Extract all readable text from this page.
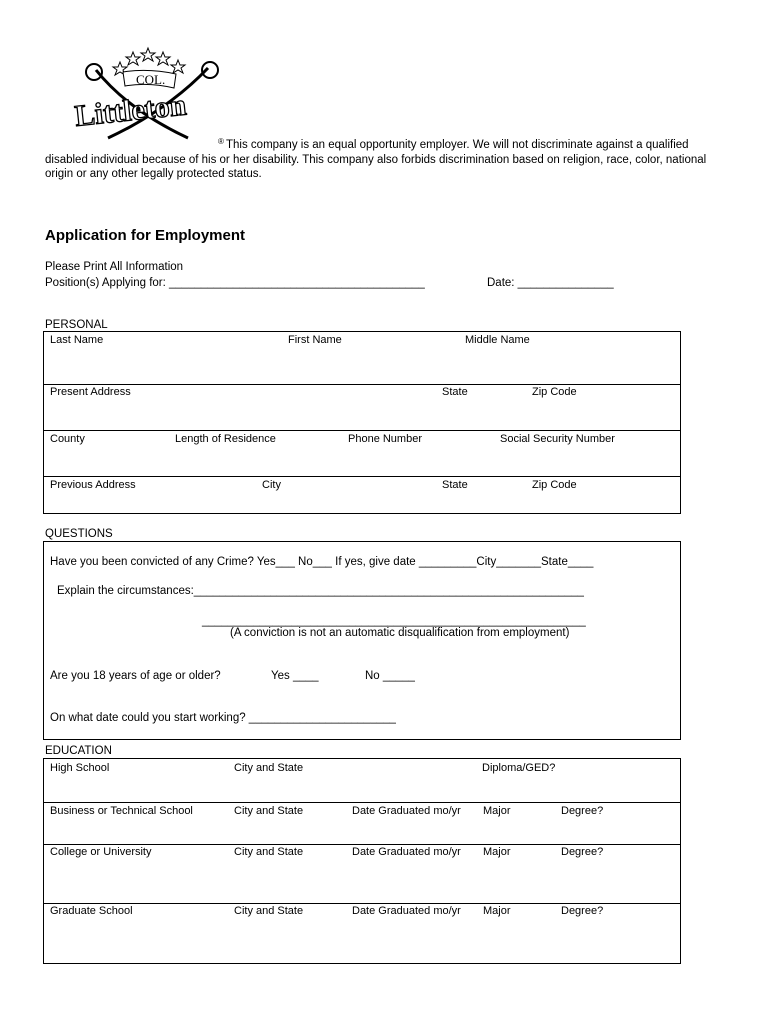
COL.
Littleton
® This company is an equal opportunity employer. We will not discriminate against a qualified
disabled individual because of his or her disability. This company also forbids discrimination based on religion, race, color, national origin or any other legally protected status.
Application for Employment
Please Print All Information
Position(s) Applying for: ________________________________________	Date: _______________
PERSONAL
Last Name	First Name	Middle Name
Present Address	State	Zip Code
County	Length of Residence	Phone Number	Social Security Number
Previous Address	City	State	Zip Code
QUESTIONS
Have you been convicted of any Crime? Yes___ No___ If yes, give date _________City_______State____
Explain the circumstances:_____________________________________________________________
____________________________________________________________
(A conviction is not an automatic disqualification from employment)
Are you 18 years of age or older?	Yes ____	No _____
On what date could you start working? _______________________
EDUCATION
High School	City and State	Diploma/GED?
Business or Technical School	City and State	Date Graduated mo/yr Major	Degree?
College or University	City and State	Date Graduated mo/yr Major	Degree?
Graduate School	City and State	Date Graduated mo/yr Major	Degree?
